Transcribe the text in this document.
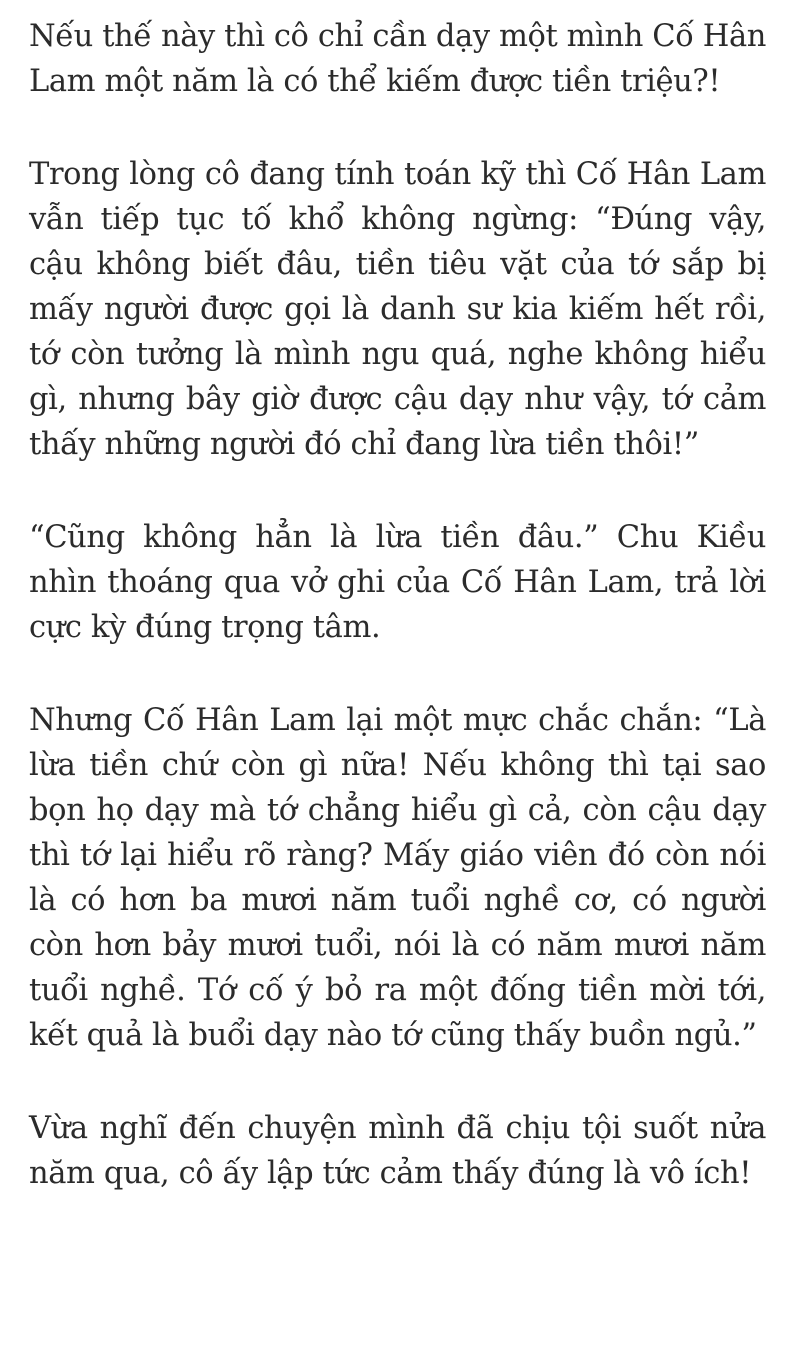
Nếu thế này thì cô chỉ cần dạy một mình Cố Hân Lam một năm là có thể kiếm được tiền triệu?!

Trong lòng cô đang tính toán kỹ thì Cố Hân Lam vẫn tiếp tục tố khổ không ngừng: “Đúng vậy, cậu không biết đâu, tiền tiêu vặt của tớ sắp bị mấy người được gọi là danh sư kia kiếm hết rồi, tớ còn tưởng là mình ngu quá, nghe không hiểu gì, nhưng bây giờ được cậu dạy như vậy, tớ cảm thấy những người đó chỉ đang lừa tiền thôi!”

“Cũng không hẳn là lừa tiền đâu.” Chu Kiều nhìn thoáng qua vở ghi của Cố Hân Lam, trả lời cực kỳ đúng trọng tâm.

Nhưng Cố Hân Lam lại một mực chắc chắn: “Là lừa tiền chứ còn gì nữa! Nếu không thì tại sao bọn họ dạy mà tớ chẳng hiểu gì cả, còn cậu dạy thì tớ lại hiểu rõ ràng? Mấy giáo viên đó còn nói là có hơn ba mươi năm tuổi nghề cơ, có người còn hơn bảy mươi tuổi, nói là có năm mươi năm tuổi nghề. Tớ cố ý bỏ ra một đống tiền mời tới, kết quả là buổi dạy nào tớ cũng thấy buồn ngủ.”

Vừa nghĩ đến chuyện mình đã chịu tội suốt nửa năm qua, cô ấy lập tức cảm thấy đúng là vô ích!
